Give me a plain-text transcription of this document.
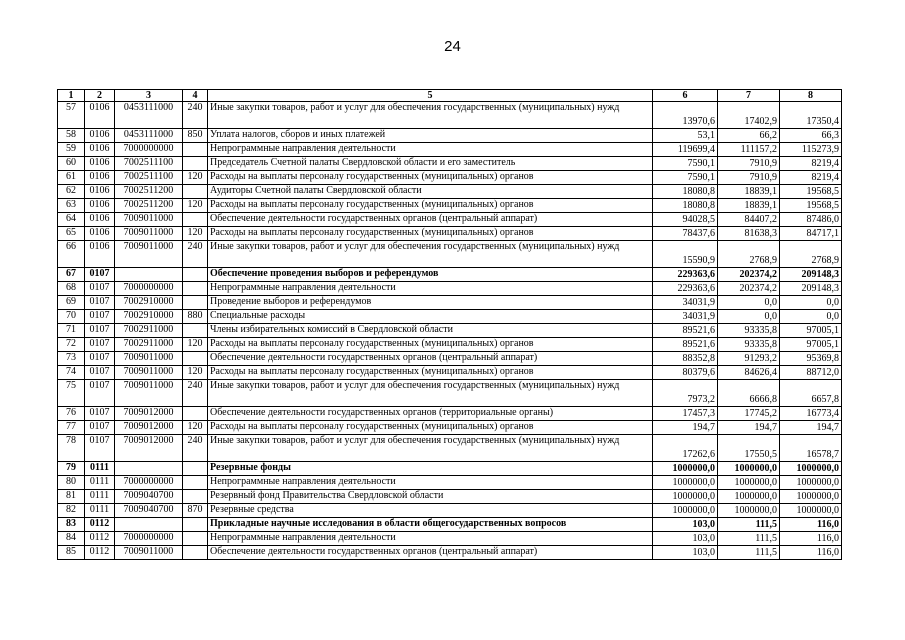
24
1	2	3	4	5	6	7	8
57	0106	0453111000	240	Иные закупки товаров, работ и услуг для обеспечения государственных (муниципальных) нужд	13970,6	17402,9	17350,4
58	0106	0453111000	850	Уплата налогов, сборов и иных платежей	53,1	66,2	66,3
59	0106	7000000000		Непрограммные направления деятельности	119699,4	111157,2	115273,9
60	0106	7002511100		Председатель Счетной палаты Свердловской области и его заместитель	7590,1	7910,9	8219,4
61	0106	7002511100	120	Расходы на выплаты персоналу государственных (муниципальных) органов	7590,1	7910,9	8219,4
62	0106	7002511200		Аудиторы Счетной палаты Свердловской области	18080,8	18839,1	19568,5
63	0106	7002511200	120	Расходы на выплаты персоналу государственных (муниципальных) органов	18080,8	18839,1	19568,5
64	0106	7009011000		Обеспечение деятельности государственных органов (центральный аппарат)	94028,5	84407,2	87486,0
65	0106	7009011000	120	Расходы на выплаты персоналу государственных (муниципальных) органов	78437,6	81638,3	84717,1
66	0106	7009011000	240	Иные закупки товаров, работ и услуг для обеспечения государственных (муниципальных) нужд	15590,9	2768,9	2768,9
67	0107			Обеспечение проведения выборов и референдумов	229363,6	202374,2	209148,3
68	0107	7000000000		Непрограммные направления деятельности	229363,6	202374,2	209148,3
69	0107	7002910000		Проведение выборов и референдумов	34031,9	0,0	0,0
70	0107	7002910000	880	Специальные расходы	34031,9	0,0	0,0
71	0107	7002911000		Члены избирательных комиссий в Свердловской области	89521,6	93335,8	97005,1
72	0107	7002911000	120	Расходы на выплаты персоналу государственных (муниципальных) органов	89521,6	93335,8	97005,1
73	0107	7009011000		Обеспечение деятельности государственных органов (центральный аппарат)	88352,8	91293,2	95369,8
74	0107	7009011000	120	Расходы на выплаты персоналу государственных (муниципальных) органов	80379,6	84626,4	88712,0
75	0107	7009011000	240	Иные закупки товаров, работ и услуг для обеспечения государственных (муниципальных) нужд	7973,2	6666,8	6657,8
76	0107	7009012000		Обеспечение деятельности государственных органов (территориальные органы)	17457,3	17745,2	16773,4
77	0107	7009012000	120	Расходы на выплаты персоналу государственных (муниципальных) органов	194,7	194,7	194,7
78	0107	7009012000	240	Иные закупки товаров, работ и услуг для обеспечения государственных (муниципальных) нужд	17262,6	17550,5	16578,7
79	0111			Резервные фонды	1000000,0	1000000,0	1000000,0
80	0111	7000000000		Непрограммные направления деятельности	1000000,0	1000000,0	1000000,0
81	0111	7009040700		Резервный фонд Правительства Свердловской области	1000000,0	1000000,0	1000000,0
82	0111	7009040700	870	Резервные средства	1000000,0	1000000,0	1000000,0
83	0112			Прикладные научные исследования в области общегосударственных вопросов	103,0	111,5	116,0
84	0112	7000000000		Непрограммные направления деятельности	103,0	111,5	116,0
85	0112	7009011000		Обеспечение деятельности государственных органов (центральный аппарат)	103,0	111,5	116,0
